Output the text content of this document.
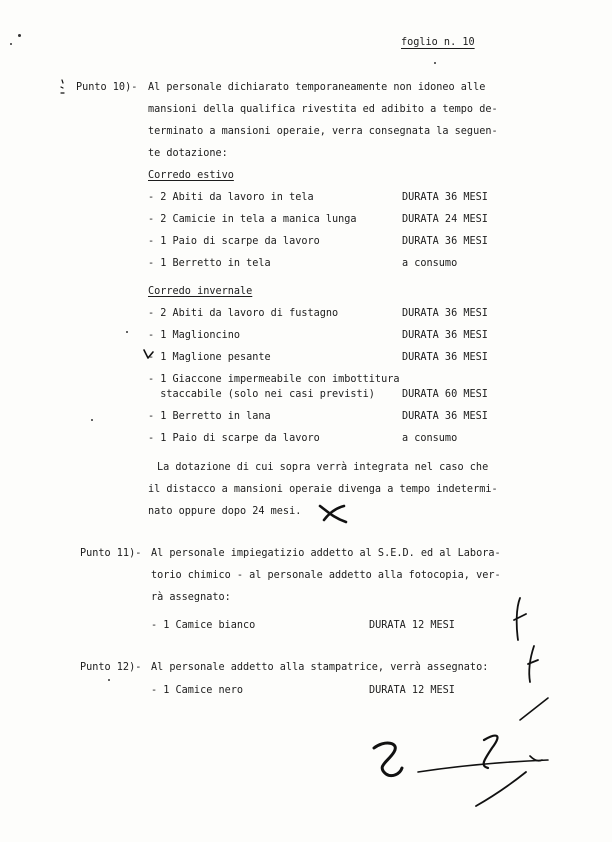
foglio n. 10
Punto 10)- Al personale dichiarato temporaneamente non idoneo alle
mansioni della qualifica rivestita ed adibito a tempo de-
terminato a mansioni operaie, verra consegnata la seguen-
te dotazione:
Corredo estivo
- 2 Abiti da lavoro in tela	DURATA 36 MESI
- 2 Camicie in tela a manica lunga	DURATA 24 MESI
- 1 Paio di scarpe da lavoro	DURATA 36 MESI
- 1 Berretto in tela	a consumo
Corredo invernale
- 2 Abiti da lavoro di fustagno	DURATA 36 MESI
- 1 Maglioncino	DURATA 36 MESI
- 1 Maglione pesante	DURATA 36 MESI
- 1 Giaccone impermeabile con imbottitura
staccabile (solo nei casi previsti)	DURATA 60 MESI
- 1 Berretto in lana	DURATA 36 MESI
- 1 Paio di scarpe da lavoro	a consumo
La dotazione di cui sopra verrà integrata nel caso che
il distacco a mansioni operaie divenga a tempo indetermi-
nato oppure dopo 24 mesi.
Punto 11)- Al personale impiegatizio addetto al S.E.D. ed al Labora-
torio chimico - al personale addetto alla fotocopia, ver-
rà assegnato:
- 1 Camice bianco	DURATA 12 MESI
Punto 12)- Al personale addetto alla stampatrice, verrà assegnato:
- 1 Camice nero	DURATA 12 MESI
